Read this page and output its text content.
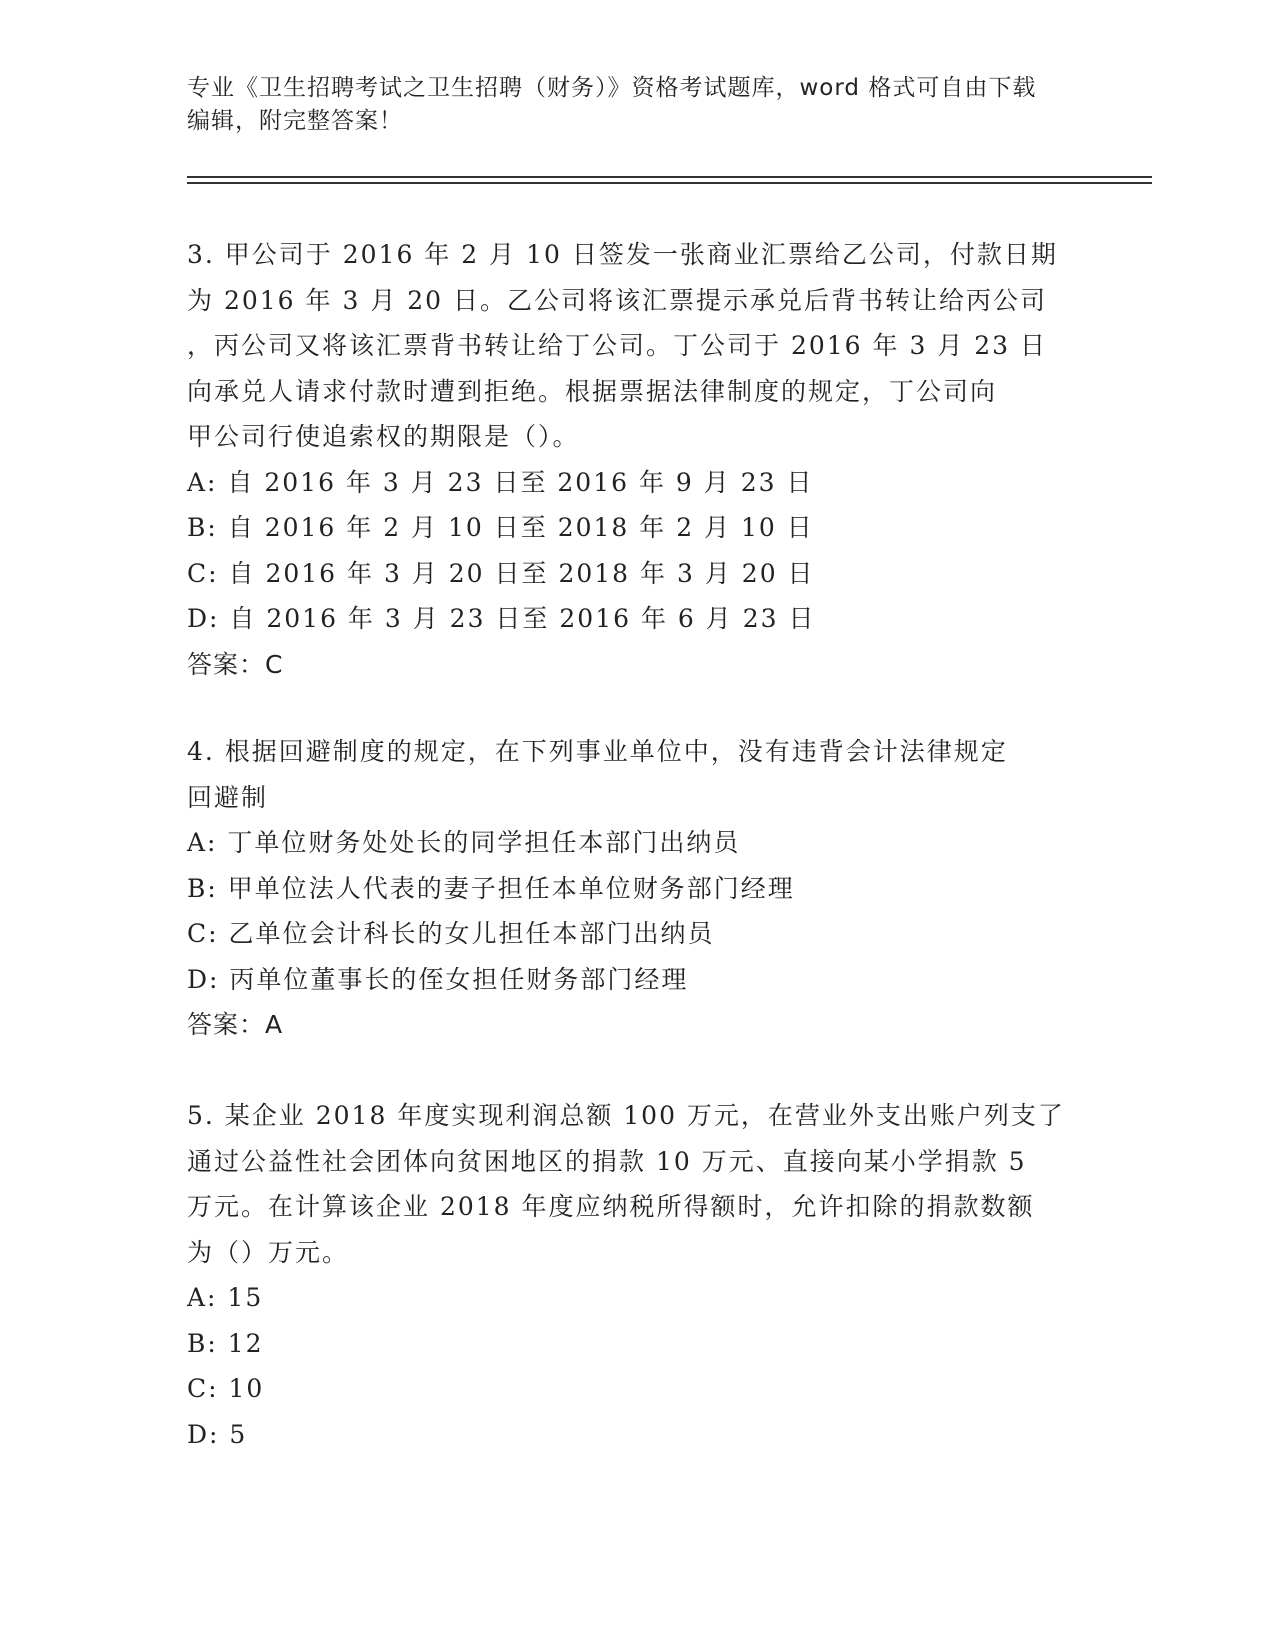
专业《卫生招聘考试之卫生招聘（财务）》资格考试题库，word 格式可自由下载
编辑，附完整答案！
3. 甲公司于 2016 年 2 月 10 日签发一张商业汇票给乙公司，付款日期
为 2016 年 3 月 20 日。乙公司将该汇票提示承兑后背书转让给丙公司
，丙公司又将该汇票背书转让给丁公司。丁公司于 2016 年 3 月 23 日
向承兑人请求付款时遭到拒绝。根据票据法律制度的规定，丁公司向
甲公司行使追索权的期限是（）。
A: 自 2016 年 3 月 23 日至 2016 年 9 月 23 日
B: 自 2016 年 2 月 10 日至 2018 年 2 月 10 日
C: 自 2016 年 3 月 20 日至 2018 年 3 月 20 日
D: 自 2016 年 3 月 23 日至 2016 年 6 月 23 日
答案：C
4. 根据回避制度的规定，在下列事业单位中，没有违背会计法律规定
回避制
A: 丁单位财务处处长的同学担任本部门出纳员
B: 甲单位法人代表的妻子担任本单位财务部门经理
C: 乙单位会计科长的女儿担任本部门出纳员
D: 丙单位董事长的侄女担任财务部门经理
答案：A
5. 某企业 2018 年度实现利润总额 100 万元，在营业外支出账户列支了
通过公益性社会团体向贫困地区的捐款 10 万元、直接向某小学捐款 5
万元。在计算该企业 2018 年度应纳税所得额时，允许扣除的捐款数额
为（）万元。
A: 15
B: 12
C: 10
D: 5
